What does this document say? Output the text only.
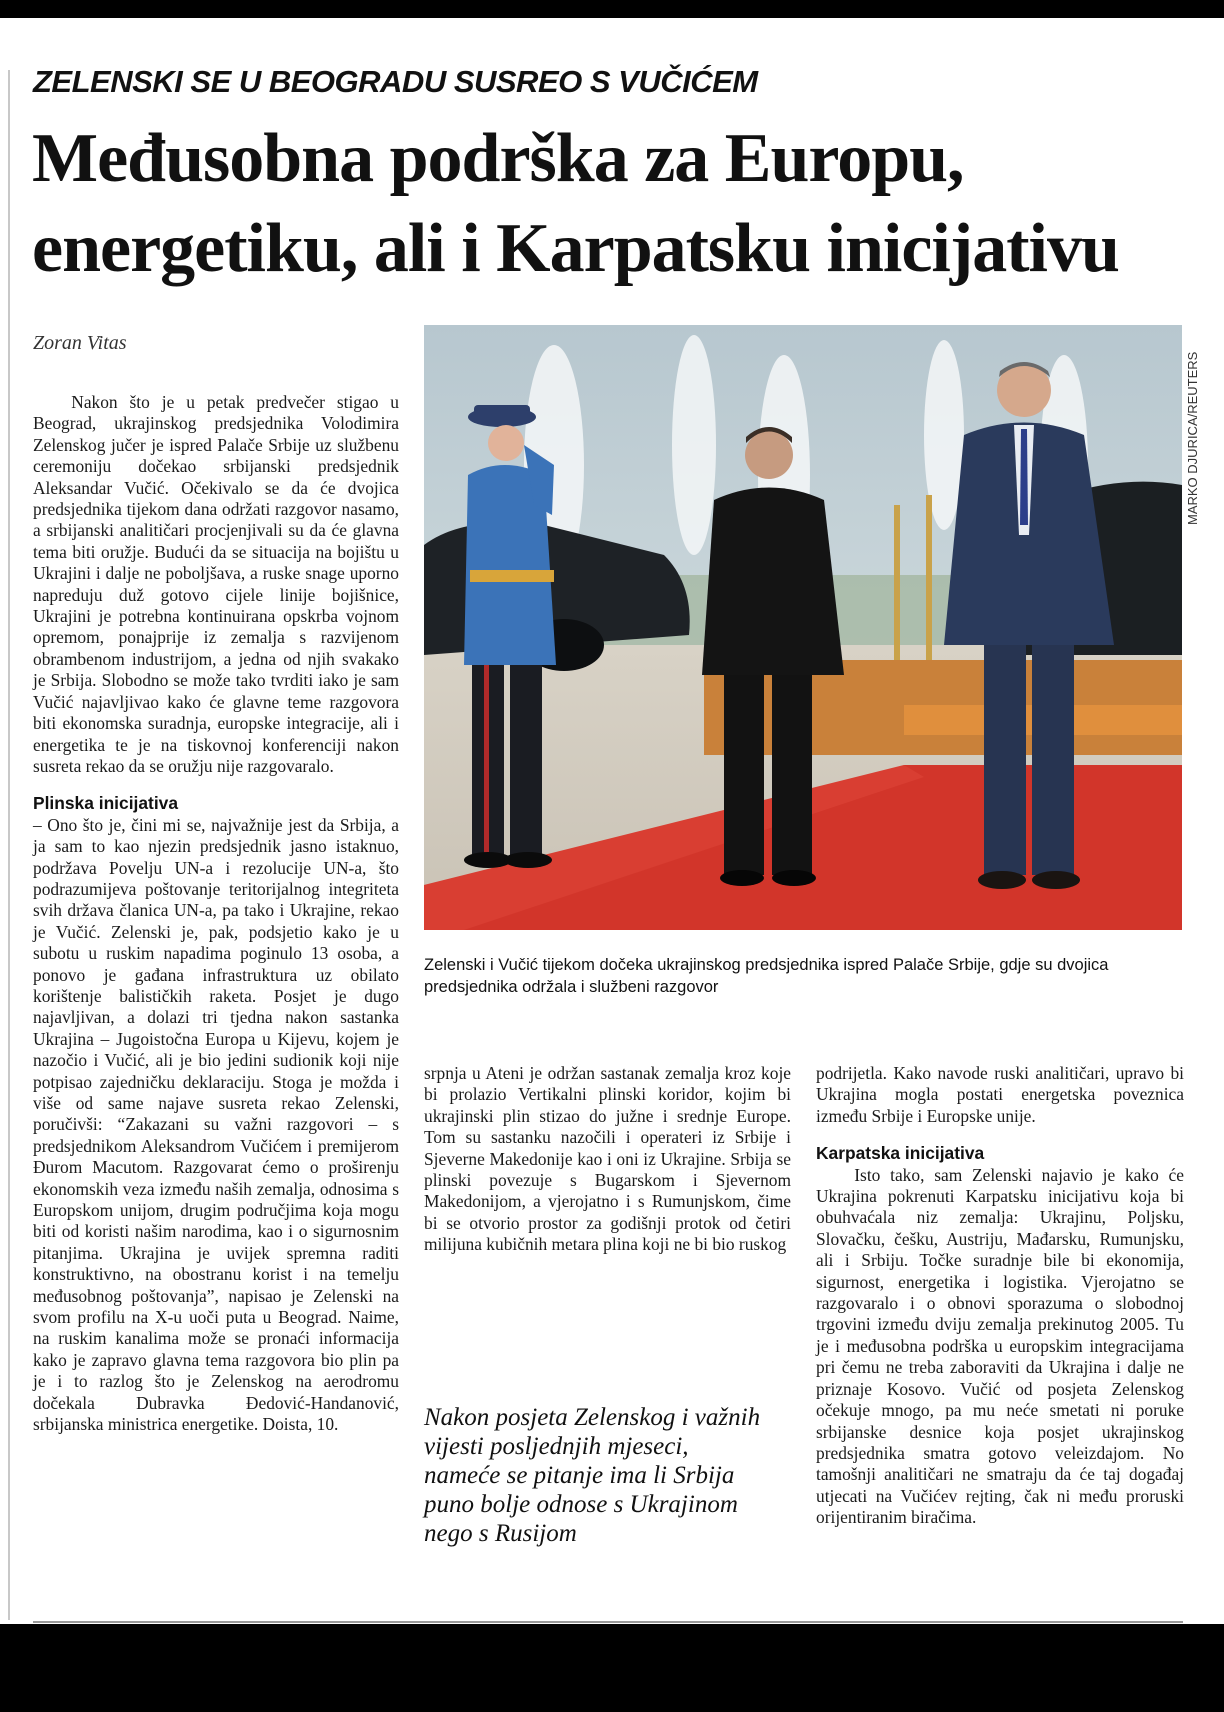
ZELENSKI SE U BEOGRADU SUSREO S VUČIĆEM
Međusobna podrška za Europu, energetiku, ali i Karpatsku inicijativu
Zoran Vitas

Nakon što je u petak predvečer stigao u Beograd, ukrajinskog predsjednika Volodimira Zelenskog jučer je ispred Palače Srbije uz službenu ceremoniju dočekao srbijanski predsjednik Aleksandar Vučić. Očekivalo se da će dvojica predsjednika tijekom dana održati razgovor nasamo, a srbijanski analitičari procjenjivali su da će glavna tema biti oružje. Budući da se situacija na bojištu u Ukrajini i dalje ne poboljšava, a ruske snage uporno napreduju duž gotovo cijele linije bojišnice, Ukrajini je potrebna kontinuirana opskrba vojnom opremom, ponajprije iz zemalja s razvijenom obrambenom industrijom, a jedna od njih svakako je Srbija. Slobodno se može tako tvrditi iako je sam Vučić najavljivao kako će glavne teme razgovora biti ekonomska suradnja, europske integracije, ali i energetika te je na tiskovnoj konferenciji nakon susreta rekao da se oružju nije razgovaralo.

Plinska inicijativa

– Ono što je, čini mi se, najvažnije jest da Srbija, a ja sam to kao njezin predsjednik jasno istaknuo, podržava Povelju UN-a i rezolucije UN-a, što podrazumijeva poštovanje teritorijalnog integriteta svih država članica UN-a, pa tako i Ukrajine, rekao je Vučić. Zelenski je, pak, podsjetio kako je u subotu u ruskim napadima poginulo 13 osoba, a ponovo je gađana infrastruktura uz obilato korištenje balističkih raketa. Posjet je dugo najavljivan, a dolazi tri tjedna nakon sastanka Ukrajina – Jugoistočna Europa u Kijevu, kojem je nazočio i Vučić, ali je bio jedini sudionik koji nije potpisao zajedničku deklaraciju. Stoga je možda i više od same najave susreta rekao Zelenski, poručivši: “Zakazani su važni razgovori – s predsjednikom Aleksandrom Vučićem i premijerom Đurom Macutom. Razgovarat ćemo o proširenju ekonomskih veza između naših zemalja, odnosima s Europskom unijom, drugim područjima koja mogu biti od koristi našim narodima, kao i o sigurnosnim pitanjima. Ukrajina je uvijek spremna raditi konstruktivno, na obostranu korist i na temelju međusobnog poštovanja”, napisao je Zelenski na svom profilu na X-u uoči puta u Beograd. Naime, na ruskim kanalima može se pronaći informacija kako je zapravo glavna tema razgovora bio plin pa je i to razlog što je Zelenskog na aerodromu dočekala Dubravka Đedović-Handanović, srbijanska ministrica energetike. Doista, 10.

MARKO DJURICA/REUTERS
Zelenski i Vučić tijekom dočeka ukrajinskog predsjednika ispred Palače Srbije, gdje su dvojica predsjednika održala i službeni razgovor

srpnja u Ateni je održan sastanak zemalja kroz koje bi prolazio Vertikalni plinski koridor, kojim bi ukrajinski plin stizao do južne i srednje Europe. Tom su sastanku nazočili i operateri iz Srbije i Sjeverne Makedonije kao i oni iz Ukrajine. Srbija se plinski povezuje s Bugarskom i Sjevernom Makedonijom, a vjerojatno i s Rumunjskom, čime bi se otvorio prostor za godišnji protok od četiri milijuna kubičnih metara plina koji ne bi bio ruskog

Nakon posjeta Zelenskog i važnih vijesti posljednjih mjeseci, nameće se pitanje ima li Srbija puno bolje odnose s Ukrajinom nego s Rusijom

podrijetla. Kako navode ruski analitičari, upravo bi Ukrajina mogla postati energetska poveznica između Srbije i Europske unije.

Karpatska inicijativa

Isto tako, sam Zelenski najavio je kako će Ukrajina pokrenuti Karpatsku inicijativu koja bi obuhvaćala niz zemalja: Ukrajinu, Poljsku, Slovačku, češku, Austriju, Mađarsku, Rumunjsku, ali i Srbiju. Točke suradnje bile bi ekonomija, sigurnost, energetika i logistika. Vjerojatno se razgovaralo i o obnovi sporazuma o slobodnoj trgovini između dviju zemalja prekinutog 2005. Tu je i međusobna podrška u europskim integracijama pri čemu ne treba zaboraviti da Ukrajina i dalje ne priznaje Kosovo. Vučić od posjeta Zelenskog očekuje mnogo, pa mu neće smetati ni poruke srbijanske desnice koja posjet ukrajinskog predsjednika smatra gotovo veleizdajom. No tamošnji analitičari ne smatraju da će taj događaj utjecati na Vučićev rejting, čak ni među proruski orijentiranim biračima.
